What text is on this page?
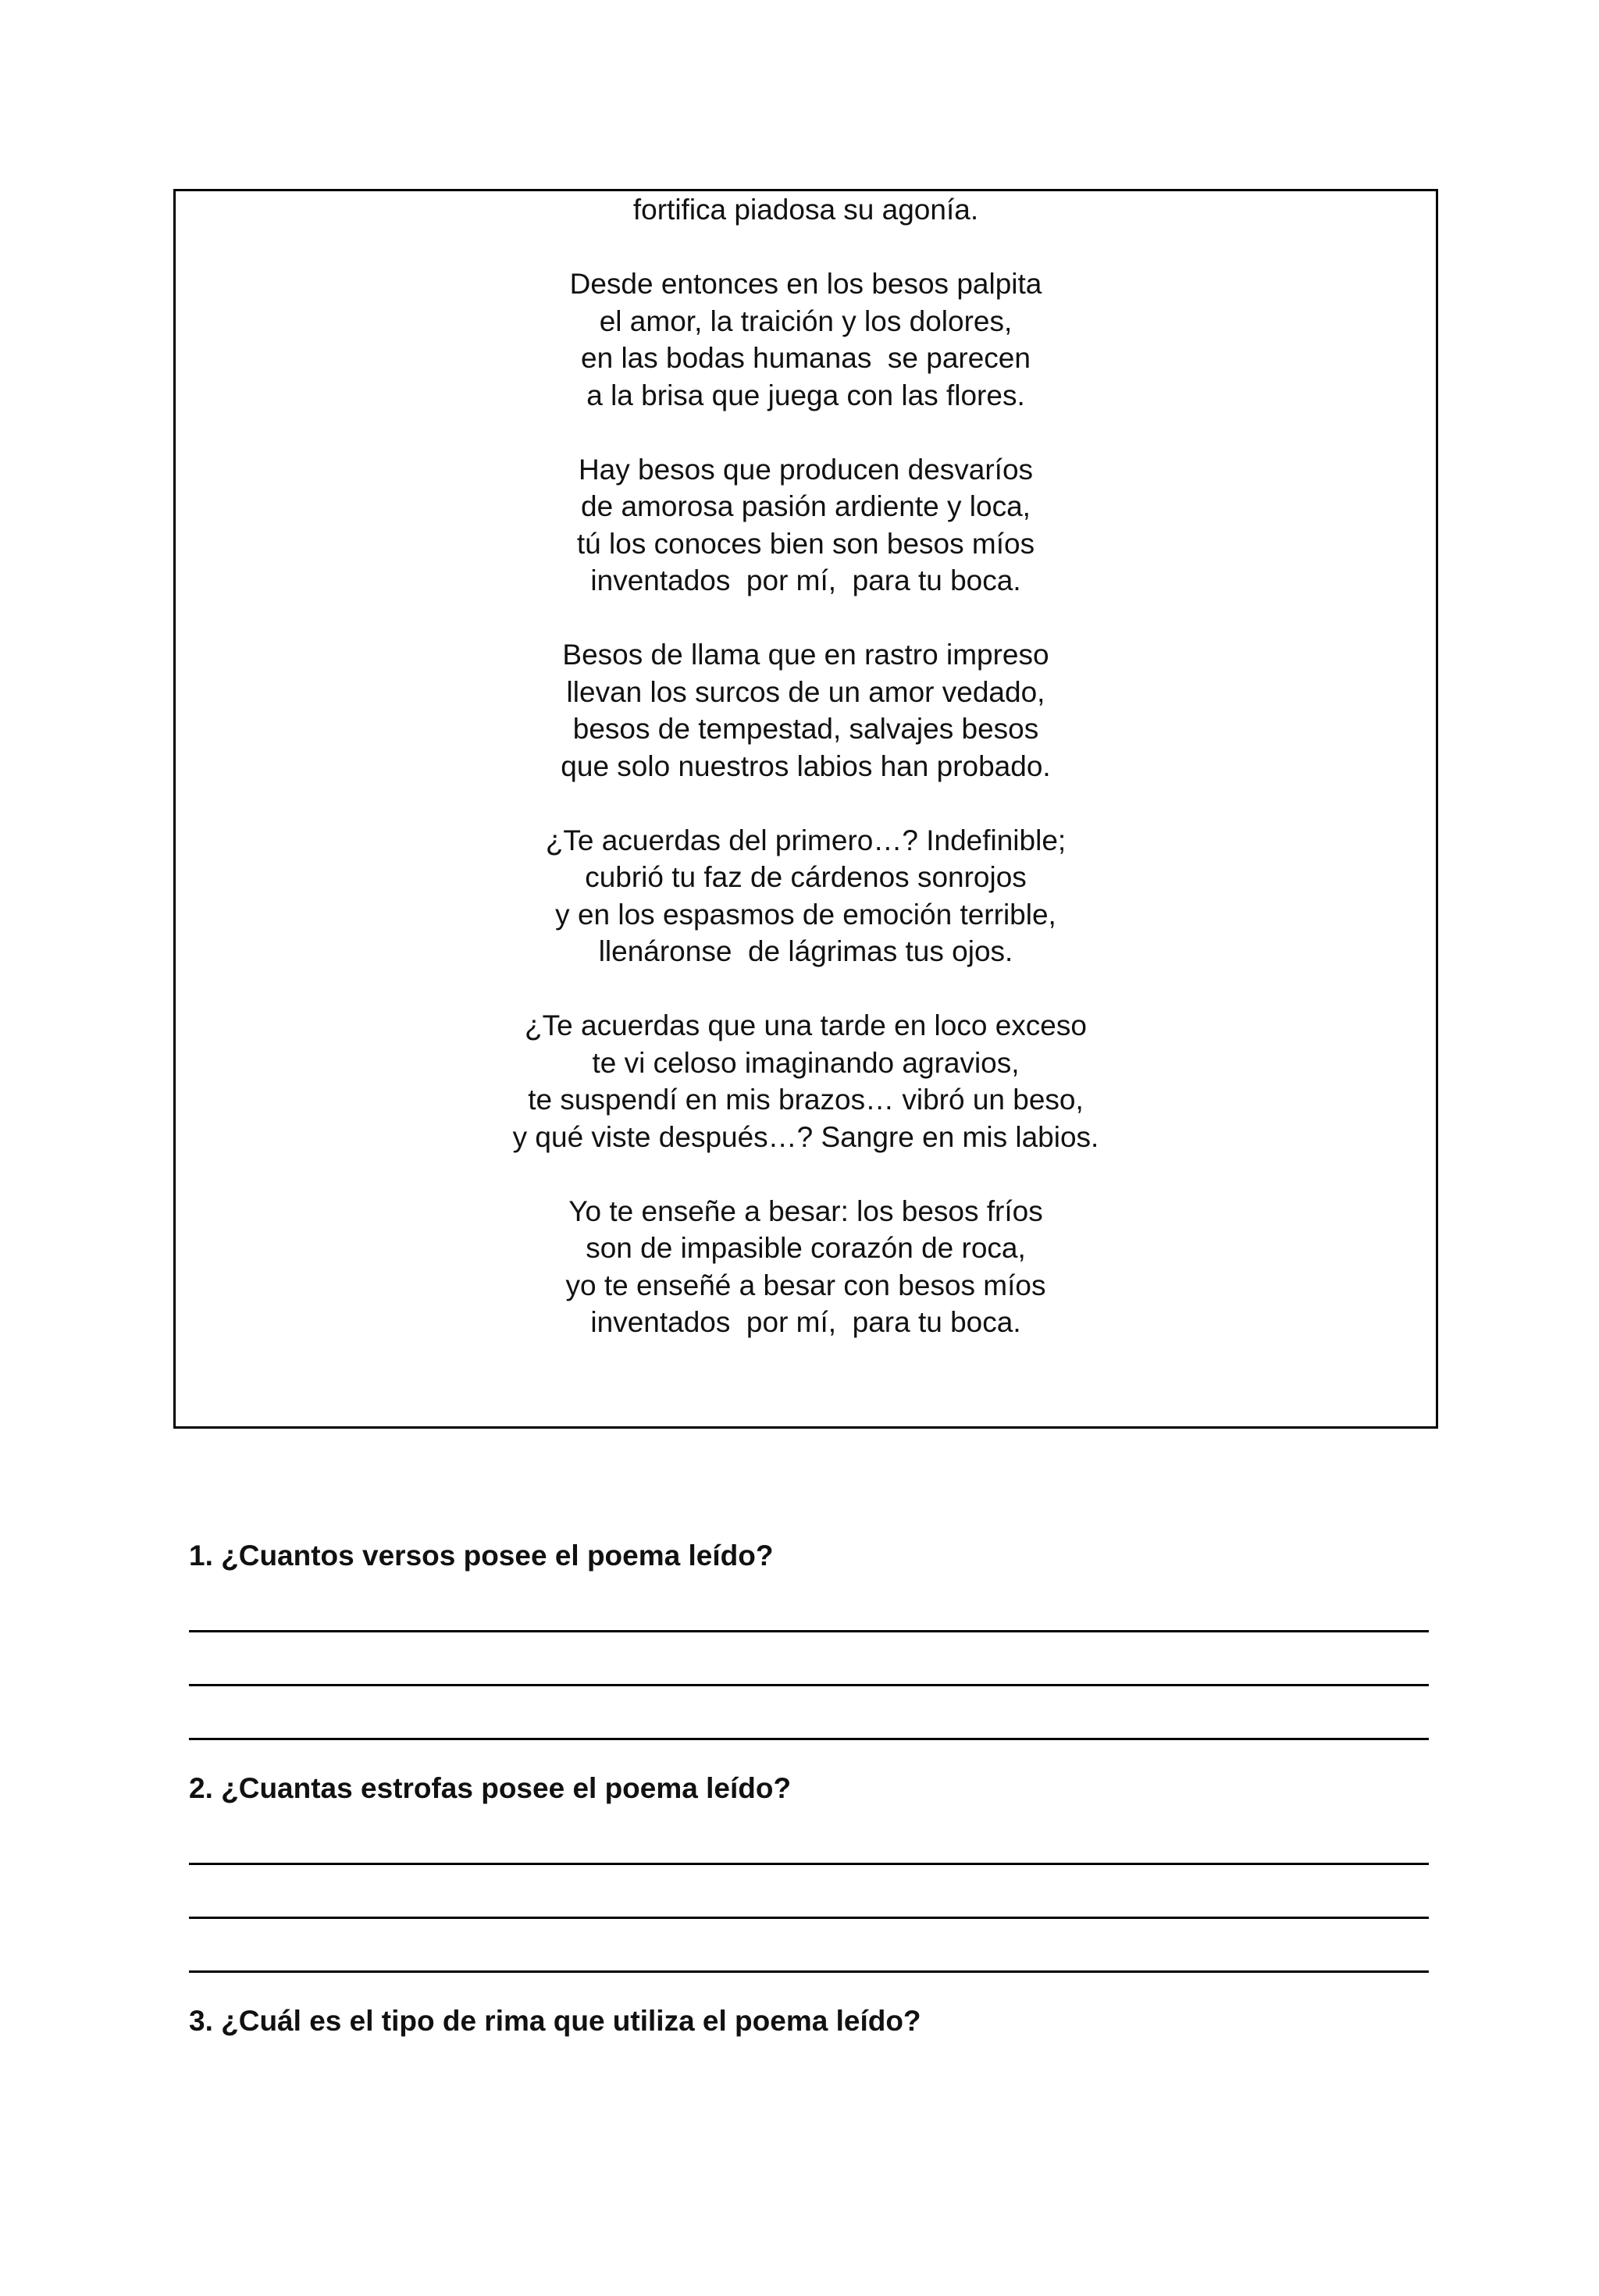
fortifica piadosa su agonía.
Desde entonces en los besos palpita
el amor, la traición y los dolores,
en las bodas humanas  se parecen
a la brisa que juega con las flores.
Hay besos que producen desvaríos
de amorosa pasión ardiente y loca,
tú los conoces bien son besos míos
inventados  por mí,  para tu boca.
Besos de llama que en rastro impreso
llevan los surcos de un amor vedado,
besos de tempestad, salvajes besos
que solo nuestros labios han probado.
¿Te acuerdas del primero…? Indefinible;
cubrió tu faz de cárdenos sonrojos
y en los espasmos de emoción terrible,
llenáronse  de lágrimas tus ojos.
¿Te acuerdas que una tarde en loco exceso
te vi celoso imaginando agravios,
te suspendí en mis brazos… vibró un beso,
y qué viste después…? Sangre en mis labios.
Yo te enseñe a besar: los besos fríos
son de impasible corazón de roca,
yo te enseñé a besar con besos míos
inventados  por mí,  para tu boca.

1. ¿Cuantos versos posee el poema leído?

2. ¿Cuantas estrofas posee el poema leído?

3. ¿Cuál es el tipo de rima que utiliza el poema leído?
